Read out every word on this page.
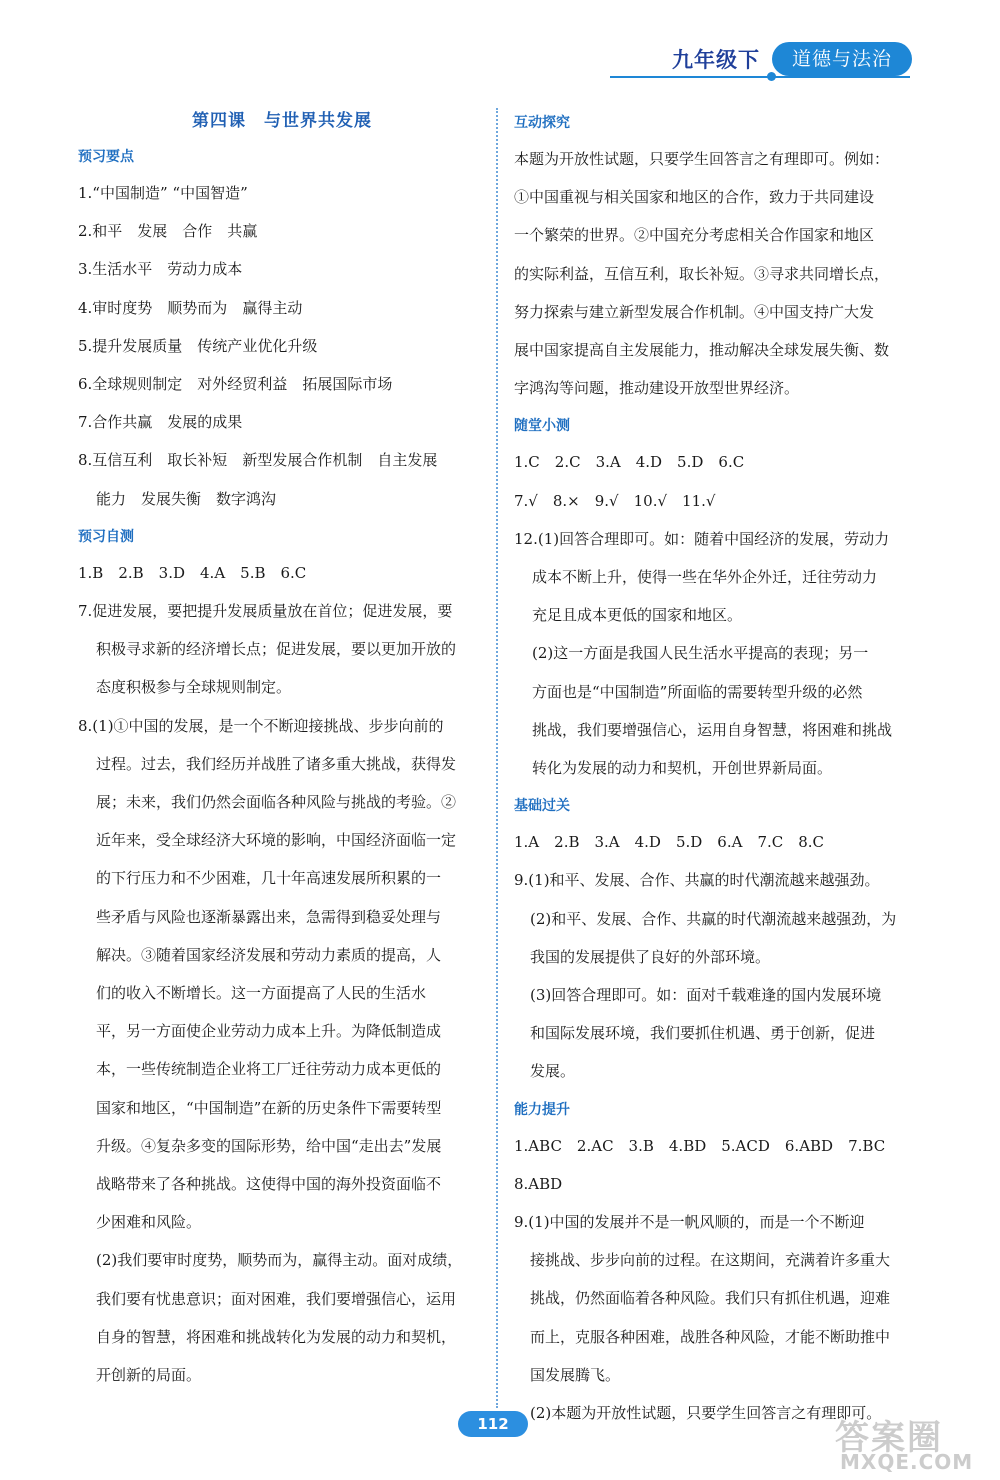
九年级下	道德与法治
第四课　与世界共发展
预习要点

1.“中国制造” “中国智造”

2.和平　发展　合作　共赢

3.生活水平　劳动力成本

4.审时度势　顺势而为　赢得主动

5.提升发展质量　传统产业优化升级

6.全球规则制定　对外经贸利益　拓展国际市场

7.合作共赢　发展的成果

8.互信互利　取长补短　新型发展合作机制　自主发展

能力　发展失衡　数字鸿沟

预习自测

1.B　2.B　3.D　4.A　5.B　6.C

7.促进发展，要把提升发展质量放在首位；促进发展，要

积极寻求新的经济增长点；促进发展，要以更加开放的

态度积极参与全球规则制定。

8.(1)①中国的发展，是一个不断迎接挑战、步步向前的

过程。过去，我们经历并战胜了诸多重大挑战，获得发

展；未来，我们仍然会面临各种风险与挑战的考验。②

近年来，受全球经济大环境的影响，中国经济面临一定

的下行压力和不少困难，几十年高速发展所积累的一

些矛盾与风险也逐渐暴露出来，急需得到稳妥处理与

解决。③随着国家经济发展和劳动力素质的提高，人

们的收入不断增长。这一方面提高了人民的生活水

平，另一方面使企业劳动力成本上升。为降低制造成

本，一些传统制造企业将工厂迁往劳动力成本更低的

国家和地区，“中国制造”在新的历史条件下需要转型

升级。④复杂多变的国际形势，给中国“走出去”发展

战略带来了各种挑战。这使得中国的海外投资面临不

少困难和风险。

(2)我们要审时度势，顺势而为，赢得主动。面对成绩，

我们要有忧患意识；面对困难，我们要增强信心，运用

自身的智慧，将困难和挑战转化为发展的动力和契机，

开创新的局面。

互动探究

本题为开放性试题，只要学生回答言之有理即可。例如：

①中国重视与相关国家和地区的合作，致力于共同建设

一个繁荣的世界。②中国充分考虑相关合作国家和地区

的实际利益，互信互利，取长补短。③寻求共同增长点，

努力探索与建立新型发展合作机制。④中国支持广大发

展中国家提高自主发展能力，推动解决全球发展失衡、数

字鸿沟等问题，推动建设开放型世界经济。

随堂小测

1.C　2.C　3.A　4.D　5.D　6.C

7.√　8.×　9.√　10.√　11.√

12.(1)回答合理即可。如：随着中国经济的发展，劳动力

成本不断上升，使得一些在华外企外迁，迁往劳动力

充足且成本更低的国家和地区。

(2)这一方面是我国人民生活水平提高的表现；另一

方面也是“中国制造”所面临的需要转型升级的必然

挑战，我们要增强信心，运用自身智慧，将困难和挑战

转化为发展的动力和契机，开创世界新局面。

基础过关

1.A　2.B　3.A　4.D　5.D　6.A　7.C　8.C

9.(1)和平、发展、合作、共赢的时代潮流越来越强劲。

(2)和平、发展、合作、共赢的时代潮流越来越强劲，为

我国的发展提供了良好的外部环境。

(3)回答合理即可。如：面对千载难逢的国内发展环境

和国际发展环境，我们要抓住机遇、勇于创新，促进

发展。

能力提升

1.ABC　2.AC　3.B　4.BD　5.ACD　6.ABD　7.BC

8.ABD

9.(1)中国的发展并不是一帆风顺的，而是一个不断迎

接挑战、步步向前的过程。在这期间，充满着许多重大

挑战，仍然面临着各种风险。我们只有抓住机遇，迎难

而上，克服各种困难，战胜各种风险，才能不断助推中

国发展腾飞。

(2)本题为开放性试题，只要学生回答言之有理即可。

112	答案圈
MXQE.COM
